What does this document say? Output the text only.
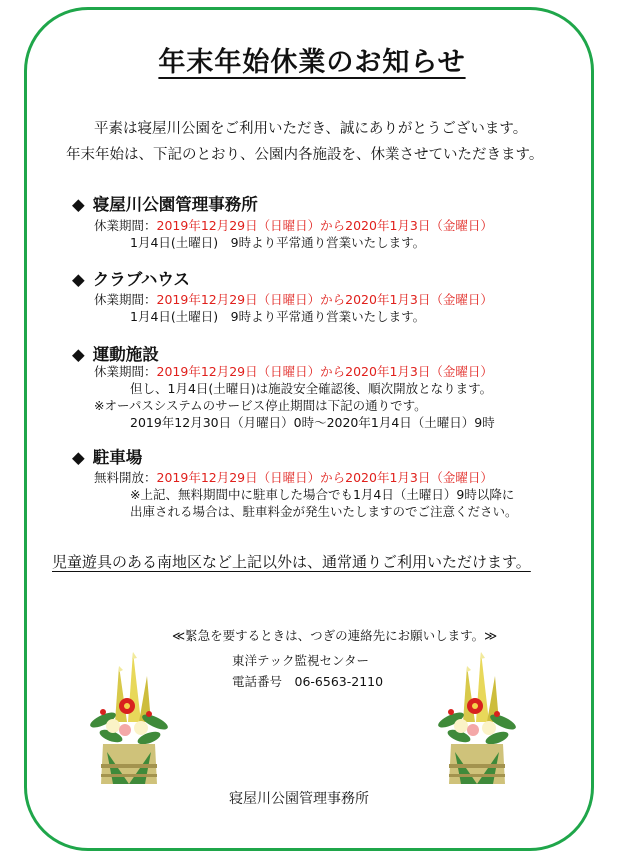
年末年始休業のお知らせ
平素は寝屋川公園をご利用いただき、誠にありがとうございます。
年末年始は、下記のとおり、公園内各施設を、休業させていただきます。
◆ 寝屋川公園管理事務所
休業期間：2019年12月29日（日曜日）から2020年1月3日（金曜日）
1月4日(土曜日)　9時より平常通り営業いたします。
◆ クラブハウス
休業期間：2019年12月29日（日曜日）から2020年1月3日（金曜日）
1月4日(土曜日)　9時より平常通り営業いたします。
◆ 運動施設
休業期間：2019年12月29日（日曜日）から2020年1月3日（金曜日）
但し、1月4日(土曜日)は施設安全確認後、順次開放となります。
※オーパスシステムのサービス停止期間は下記の通りです。
2019年12月30日（月曜日）0時～2020年1月4日（土曜日）9時
◆ 駐車場
無料開放：2019年12月29日（日曜日）から2020年1月3日（金曜日）
※上記、無料期間中に駐車した場合でも1月4日（土曜日）9時以降に
出庫される場合は、駐車料金が発生いたしますのでご注意ください。
児童遊具のある南地区など上記以外は、通常通りご利用いただけます。
≪緊急を要するときは、つぎの連絡先にお願いします。≫
東洋テック監視センター
電話番号　06-6563-2110
寝屋川公園管理事務所
